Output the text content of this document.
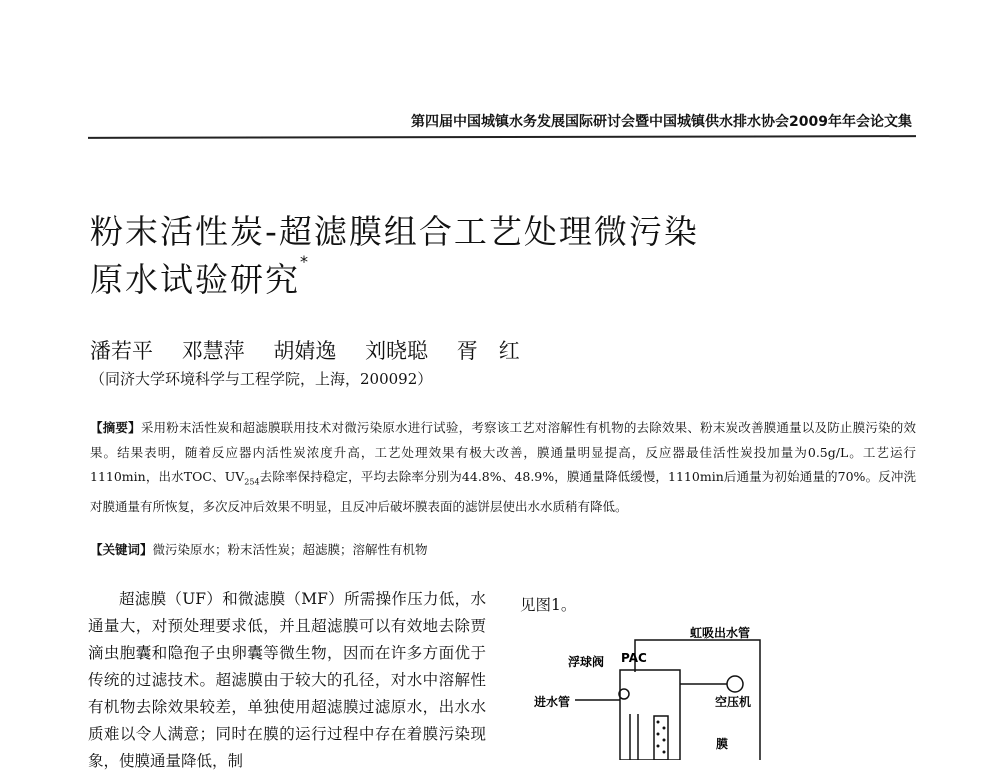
第四届中国城镇水务发展国际研讨会暨中国城镇供水排水协会2009年年会论文集
粉末活性炭-超滤膜组合工艺处理微污染
原水试验研究*
潘若平 邓慧萍 胡婧逸 刘晓聪 胥　红
（同济大学环境科学与工程学院，上海，200092）
【摘要】采用粉末活性炭和超滤膜联用技术对微污染原水进行试验，考察该工艺对溶解性有机物的去除效果、粉末炭改善膜通量以及防止膜污染的效果。结果表明，随着反应器内活性炭浓度升高，工艺处理效果有极大改善，膜通量明显提高，反应器最佳活性炭投加量为0.5g/L。工艺运行1110min，出水TOC、$UV_{254}$去除率保持稳定，平均去除率分别为44.8%、48.9%，膜通量降低缓慢，1110min后通量为初始通量的70%。反冲洗对膜通量有所恢复，多次反冲后效果不明显，且反冲后破坏膜表面的滤饼层使出水水质稍有降低。
【关键词】微污染原水；粉末活性炭；超滤膜；溶解性有机物
超滤膜（UF）和微滤膜（MF）所需操作压力低，水通量大，对预处理要求低，并且超滤膜可以有效地去除贾滴虫胞囊和隐孢子虫卵囊等微生物，因而在许多方面优于传统的过滤技术。超滤膜由于较大的孔径，对水中溶解性有机物去除效果较差，单独使用超滤膜过滤原水，出水水质难以令人满意；同时在膜的运行过程中存在着膜污染现象，使膜通量降低，制
见图1。
虹吸出水管
浮球阀 PAC
进水管	空压机
膜
